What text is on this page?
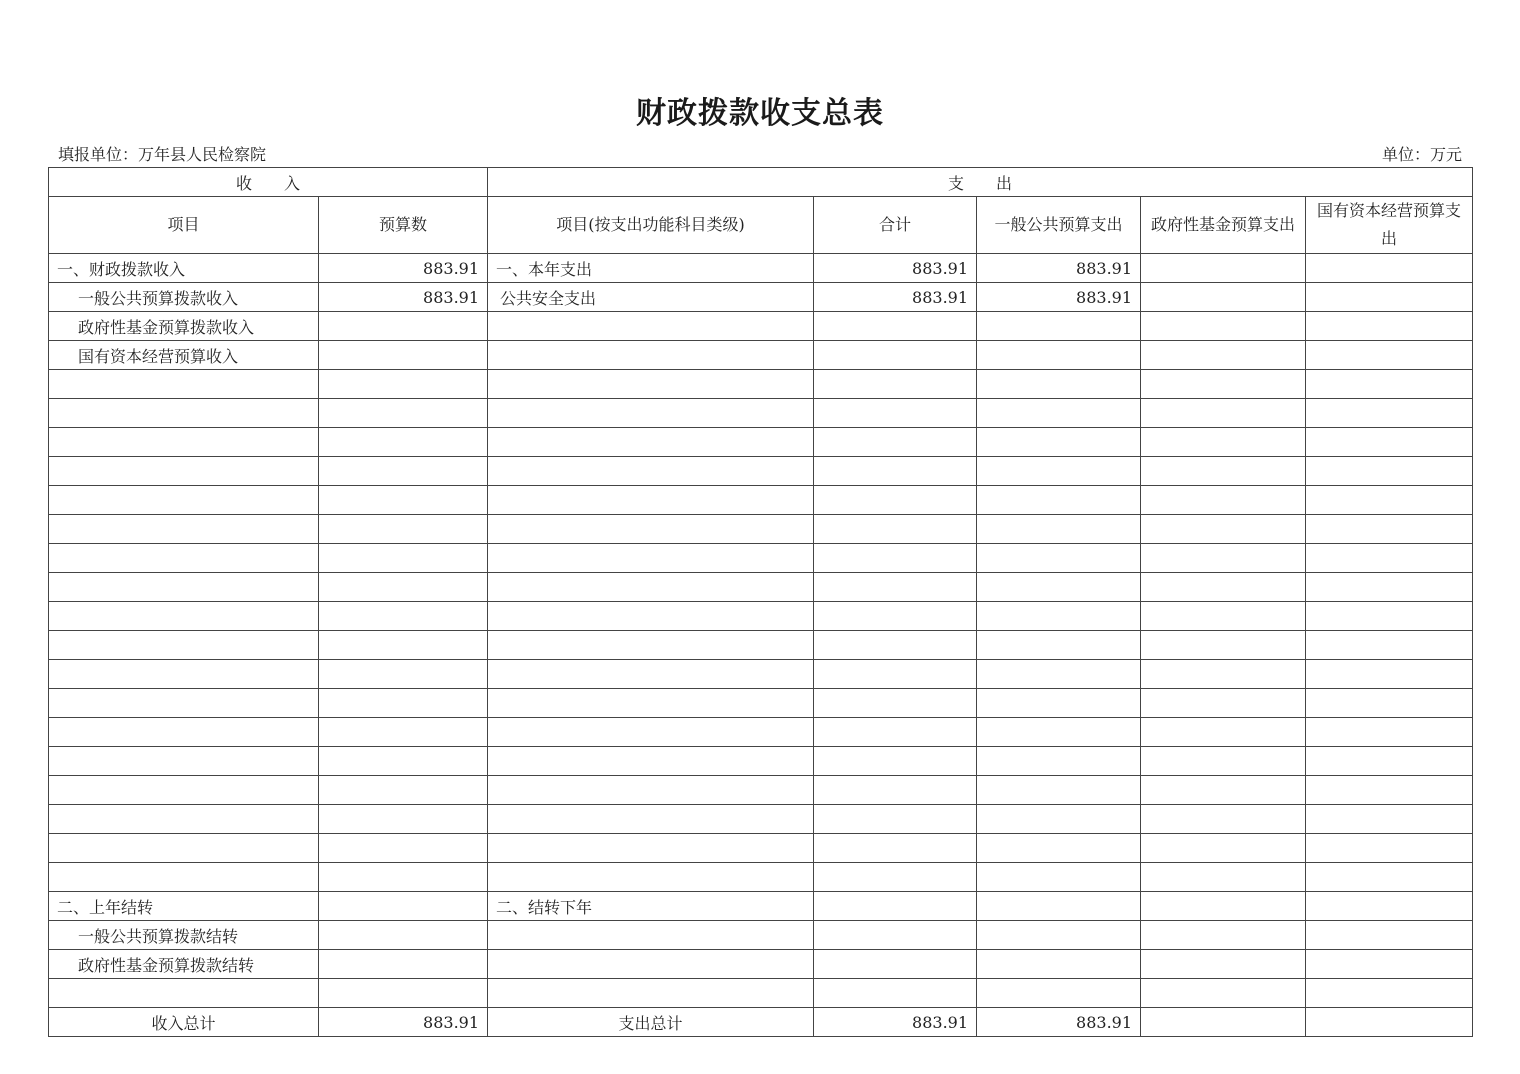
财政拨款收支总表
填报单位：万年县人民检察院	单位：万元
收　　入		支　　出				
项目	预算数	项目(按支出功能科目类级)	合计	一般公共预算支出	政府性基金预算支出	国有资本经营预算支出
一、财政拨款收入	883.91	一、本年支出	883.91	883.91		
一般公共预算拨款收入	883.91	公共安全支出	883.91	883.91		
政府性基金预算拨款收入						
国有资本经营预算收入						

二、上年结转		二、结转下年				
一般公共预算拨款结转						
政府性基金预算拨款结转						

收入总计	883.91	支出总计	883.91	883.91		
